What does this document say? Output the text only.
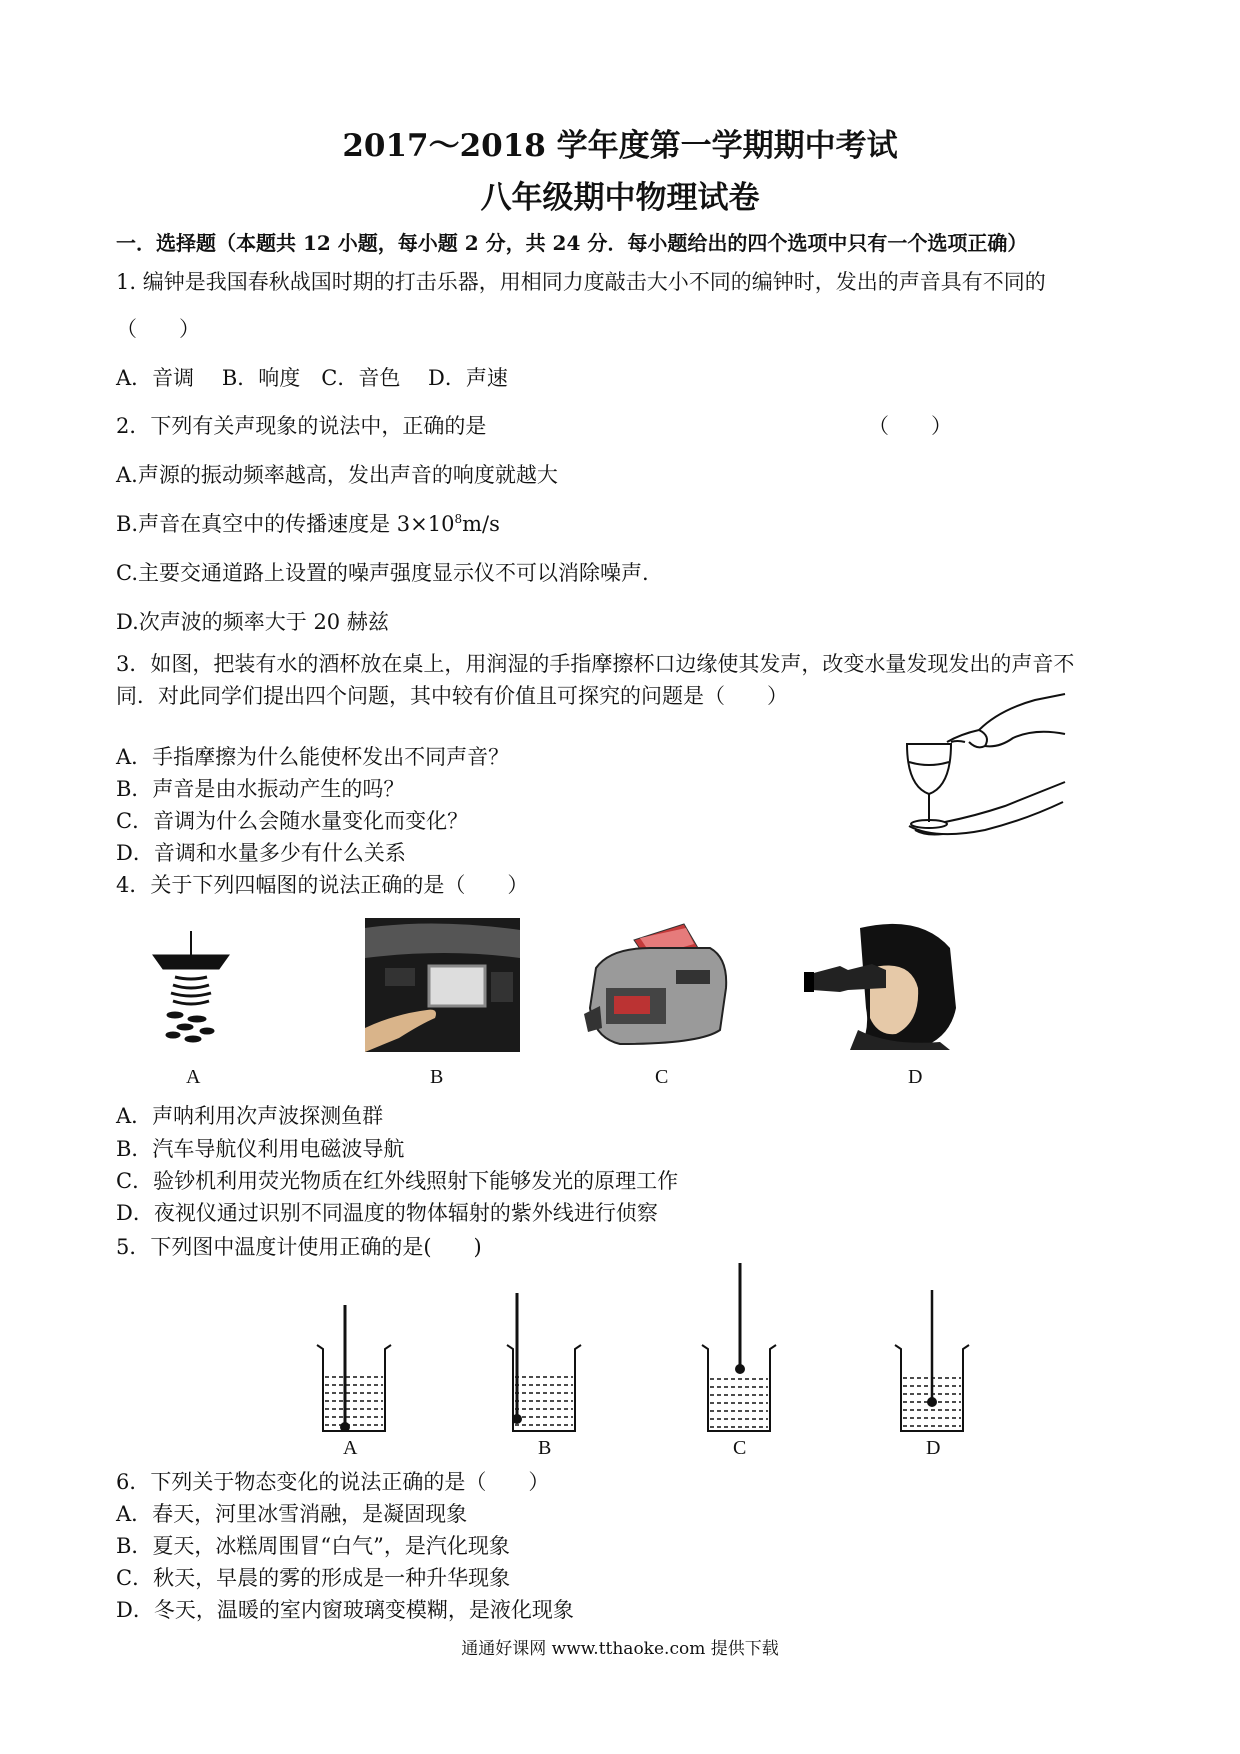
2017～2018 学年度第一学期期中考试
八年级期中物理试卷
一．选择题（本题共 12 小题，每小题 2 分，共 24 分．每小题给出的四个选项中只有一个选项正确）
1. 编钟是我国春秋战国时期的打击乐器，用相同力度敲击大小不同的编钟时，发出的声音具有不同的
（　　）
A．音调　 B．响度　C．音色　 D．声速
2．下列有关声现象的说法中，正确的是	（　　）
A.声源的振动频率越高，发出声音的响度就越大
B.声音在真空中的传播速度是 $3\times 10^8m/s$
C.主要交通道路上设置的噪声强度显示仪不可以消除噪声.
D.次声波的频率大于 20 赫兹
3．如图，把装有水的酒杯放在桌上，用润湿的手指摩擦杯口边缘使其发声，改变水量发现发出的声音不
同．对此同学们提出四个问题，其中较有价值且可探究的问题是（　　）
A．手指摩擦为什么能使杯发出不同声音？
B．声音是由水振动产生的吗？
C．音调为什么会随水量变化而变化？
D．音调和水量多少有什么关系
4．关于下列四幅图的说法正确的是（　　）
A	B	C	D
A．声呐利用次声波探测鱼群
B．汽车导航仪利用电磁波导航
C．验钞机利用荧光物质在红外线照射下能够发光的原理工作
D．夜视仪通过识别不同温度的物体辐射的紫外线进行侦察
5．下列图中温度计使用正确的是(　　)
A	B	C	D
6．下列关于物态变化的说法正确的是（　　）
A．春天，河里冰雪消融，是凝固现象
B．夏天，冰糕周围冒“白气”，是汽化现象
C．秋天，早晨的雾的形成是一种升华现象
D．冬天，温暖的室内窗玻璃变模糊，是液化现象
通通好课网 www.tthaoke.com 提供下载
